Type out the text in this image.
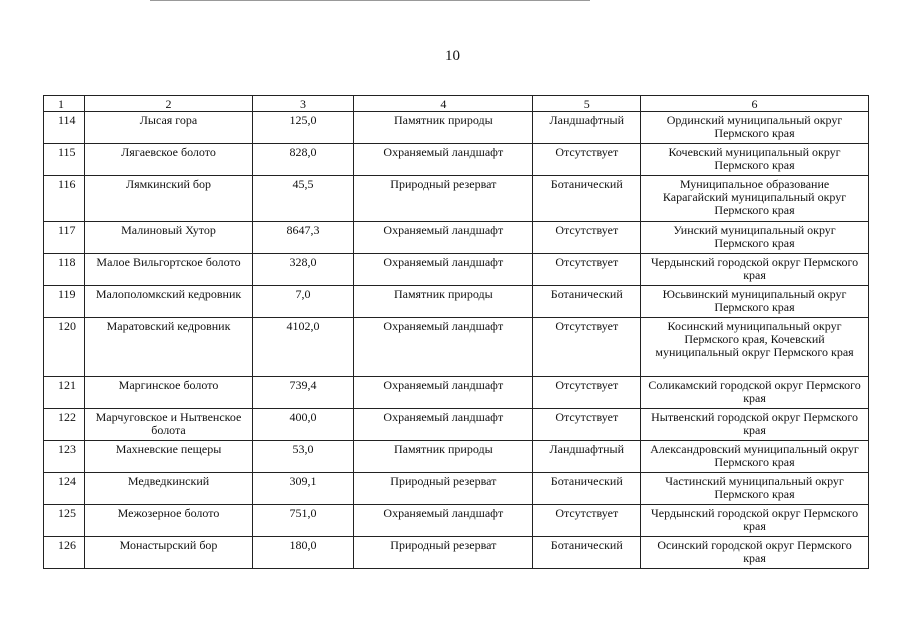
10
1	2	3	4	5	6
114	Лысая гора	125,0	Памятник природы	Ландшафтный	Ординский муниципальный округ Пермского края
115	Лягаевское болото	828,0	Охраняемый ландшафт	Отсутствует	Кочевский муниципальный округ Пермского края
116	Лямкинский бор	45,5	Природный резерват	Ботанический	Муниципальное образование Карагайский муниципальный округ Пермского края
117	Малиновый Хутор	8647,3	Охраняемый ландшафт	Отсутствует	Уинский муниципальный округ Пермского края
118	Малое Вильгортское болото	328,0	Охраняемый ландшафт	Отсутствует	Чердынский городской округ Пермского края
119	Малополомкский кедровник	7,0	Памятник природы	Ботанический	Юсьвинский муниципальный округ Пермского края
120	Маратовский кедровник	4102,0	Охраняемый ландшафт	Отсутствует	Косинский муниципальный округ Пермского края, Кочевский муниципальный округ Пермского края
121	Маргинское болото	739,4	Охраняемый ландшафт	Отсутствует	Соликамский городской округ Пермского края
122	Марчуговское и Нытвенское болота	400,0	Охраняемый ландшафт	Отсутствует	Нытвенский городской округ Пермского края
123	Махневские пещеры	53,0	Памятник природы	Ландшафтный	Александровский муниципальный округ Пермского края
124	Медведкинский	309,1	Природный резерват	Ботанический	Частинский муниципальный округ Пермского края
125	Межозерное болото	751,0	Охраняемый ландшафт	Отсутствует	Чердынский городской округ Пермского края
126	Монастырский бор	180,0	Природный резерват	Ботанический	Осинский городской округ Пермского края
